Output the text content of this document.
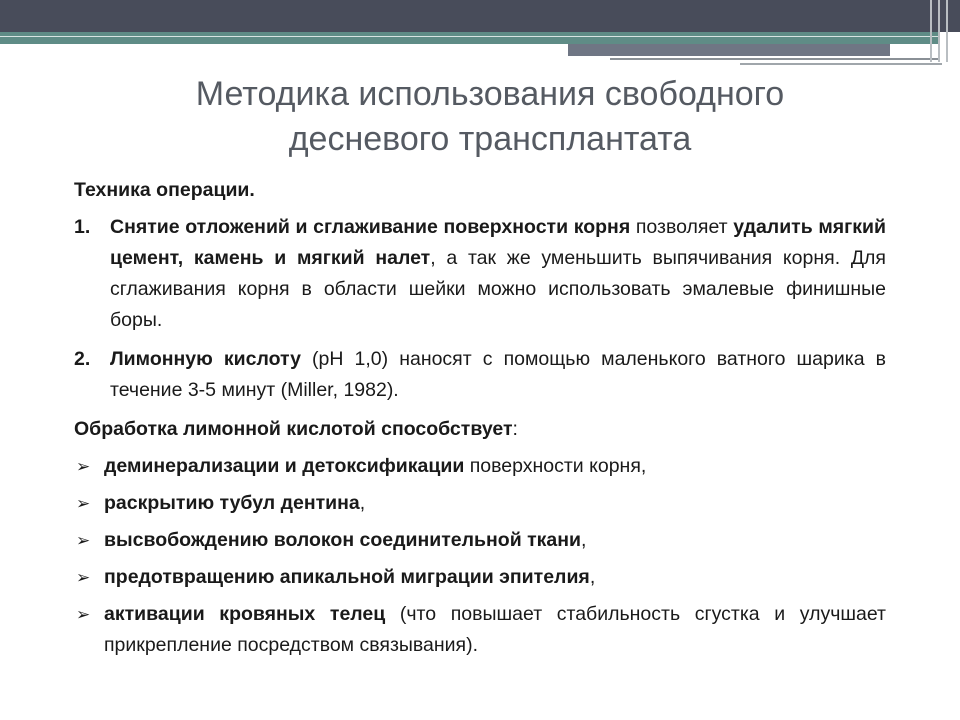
Методика использования свободного
десневого трансплантата

Техника операции.

1. Снятие отложений и сглаживание поверхности корня позволяет удалить мягкий цемент, камень и мягкий налет, а так же уменьшить выпячивания корня. Для сглаживания корня в области шейки можно использовать эмалевые финишные боры.
2. Лимонную кислоту (рН 1,0) наносят с помощью маленького ватного шарика в течение 3-5 минут (Miller, 1982).

Обработка лимонной кислотой способствует:

➢ деминерализации и детоксификации поверхности корня,
➢ раскрытию тубул дентина,
➢ высвобождению волокон соединительной ткани,
➢ предотвращению апикальной миграции эпителия,
➢ активации кровяных телец (что повышает стабильность сгустка и улучшает прикрепление посредством связывания).
